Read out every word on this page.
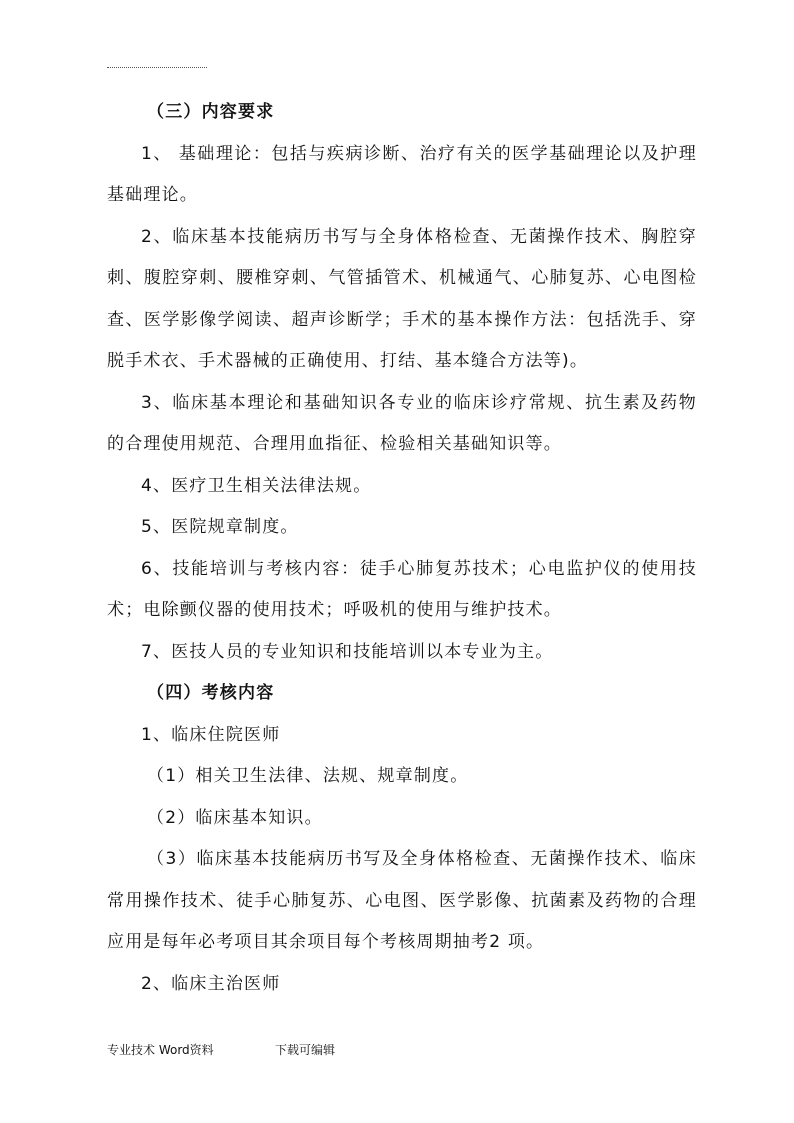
（三）内容要求

1、 基础理论：包括与疾病诊断、治疗有关的医学基础理论以及护理基础理论。

2、临床基本技能病历书写与全身体格检查、无菌操作技术、胸腔穿刺、腹腔穿刺、腰椎穿刺、气管插管术、机械通气、心肺复苏、心电图检查、医学影像学阅读、超声诊断学；手术的基本操作方法：包括洗手、穿脱手术衣、手术器械的正确使用、打结、基本缝合方法等)。

3、临床基本理论和基础知识各专业的临床诊疗常规、抗生素及药物的合理使用规范、合理用血指征、检验相关基础知识等。

4、医疗卫生相关法律法规。

5、医院规章制度。

6、技能培训与考核内容：徒手心肺复苏技术；心电监护仪的使用技术；电除颤仪器的使用技术；呼吸机的使用与维护技术。

7、医技人员的专业知识和技能培训以本专业为主。

（四）考核内容

1、临床住院医师

（1）相关卫生法律、法规、规章制度。

（2）临床基本知识。

（3）临床基本技能病历书写及全身体格检查、无菌操作技术、临床常用操作技术、徒手心肺复苏、心电图、医学影像、抗菌素及药物的合理应用是每年必考项目其余项目每个考核周期抽考2 项。

2、临床主治医师

专业技术 Word资料	下载可编辑
